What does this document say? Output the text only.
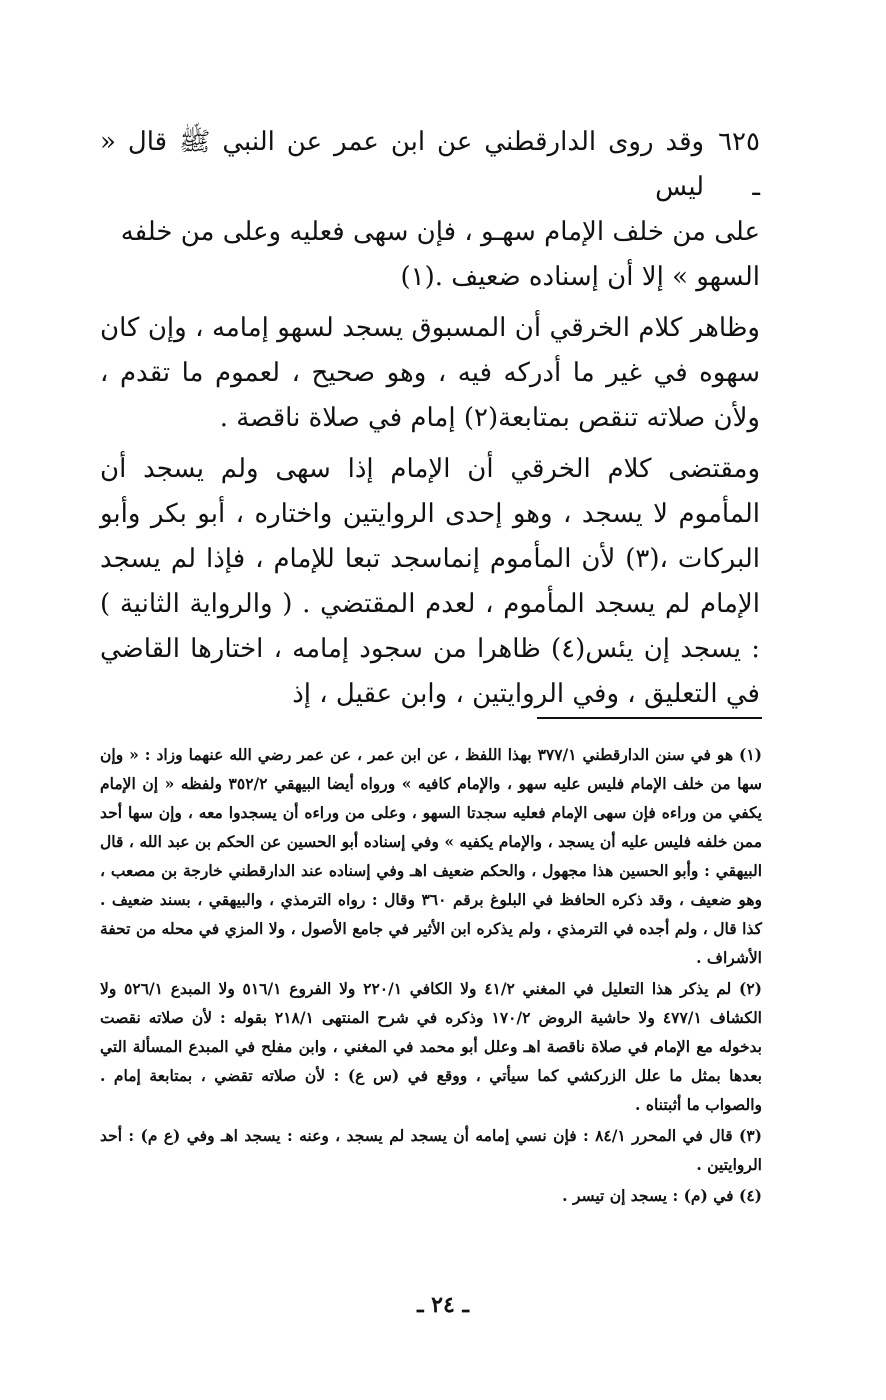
٦٢٥ ـ
وقد روى الدارقطني عن ابن عمر عن النبي ﷺ قال « ليس
على من خلف الإمام سهـو ، فإن سهى فعليه وعلى من خلفه
السهو » إلا أن إسناده ضعيف .(١)

وظاهر كلام الخرقي أن المسبوق يسجد لسهو إمامه ، وإن كان سهوه في غير ما أدركه فيه ، وهو صحيح ، لعموم ما تقدم ، ولأن صلاته تنقص بمتابعة(٢) إمام في صلاة ناقصة .

ومقتضى كلام الخرقي أن الإمام إذا سهى ولم يسجد أن المأموم لا يسجد ، وهو إحدى الروايتين واختاره ، أبو بكر وأبو البركات ،(٣) لأن المأموم إنماسجد تبعا للإمام ، فإذا لم يسجد الإمام لم يسجد المأموم ، لعدم المقتضي . ( والرواية الثانية ) : يسجد إن يئس(٤) ظاهرا من سجود إمامه ، اختارها القاضي في التعليق ، وفي الروايتين ، وابن عقيل ، إذ

(١) هو في سنن الدارقطني ٣٧٧/١ بهذا اللفظ ، عن ابن عمر ، عن عمر رضي الله عنهما وزاد : « وإن سها من خلف الإمام فليس عليه سهو ، والإمام كافيه » ورواه أيضا البيهقي ٣٥٢/٢ ولفظه « إن الإمام يكفي من وراءه فإن سهى الإمام فعليه سجدتا السهو ، وعلى من وراءه أن يسجدوا معه ، وإن سها أحد ممن خلفه فليس عليه أن يسجد ، والإمام يكفيه » وفي إسناده أبو الحسين عن الحكم بن عبد الله ، قال البيهقي : وأبو الحسين هذا مجهول ، والحكم ضعيف اهـ وفي إسناده عند الدارقطني خارجة بن مصعب ، وهو ضعيف ، وقد ذكره الحافظ في البلوغ برقم ٣٦٠ وقال : رواه الترمذي ، والبيهقي ، بسند ضعيف . كذا قال ، ولم أجده في الترمذي ، ولم يذكره ابن الأثير في جامع الأصول ، ولا المزي في محله من تحفة الأشراف .

(٢) لم يذكر هذا التعليل في المغني ٤١/٢ ولا الكافي ٢٢٠/١ ولا الفروع ٥١٦/١ ولا المبدع ٥٢٦/١ ولا الكشاف ٤٧٧/١ ولا حاشية الروض ١٧٠/٢ وذكره في شرح المنتهى ٢١٨/١ بقوله : لأن صلاته نقصت بدخوله مع الإمام في صلاة ناقصة اهـ وعلل أبو محمد في المغني ، وابن مفلح في المبدع المسألة التي بعدها بمثل ما علل الزركشي كما سيأتي ، ووقع في (س ع) : لأن صلاته تقضي ، بمتابعة إمام . والصواب ما أثبتناه .

(٣) قال في المحرر ٨٤/١ : فإن نسي إمامه أن يسجد لم يسجد ، وعنه : يسجد اهـ وفي (ع م) : أحد الروايتين .

(٤) في (م) : يسجد إن تيسر .

ـ ٢٤ ـ
